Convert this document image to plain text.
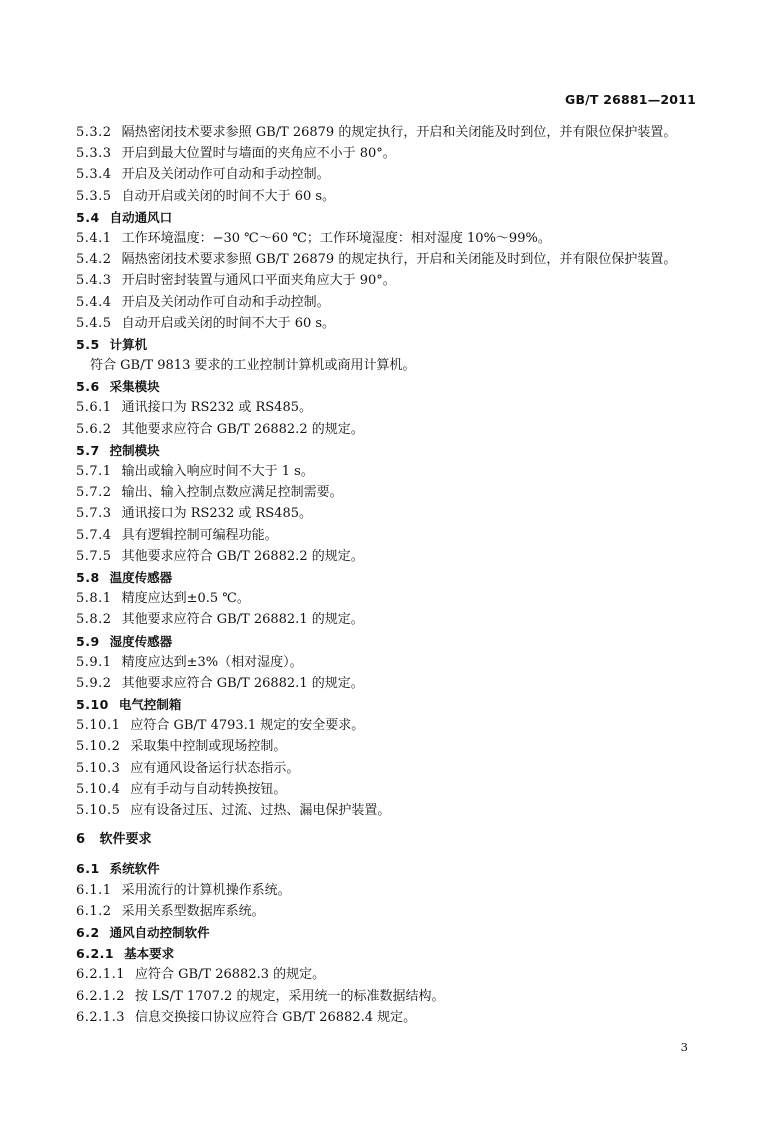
GB/T 26881—2011
5.3.2 隔热密闭技术要求参照 GB/T 26879 的规定执行，开启和关闭能及时到位，并有限位保护装置。
5.3.3 开启到最大位置时与墙面的夹角应不小于 80°。
5.3.4 开启及关闭动作可自动和手动控制。
5.3.5 自动开启或关闭的时间不大于 60 s。
5.4 自动通风口
5.4.1 工作环境温度：−30 ℃～60 ℃；工作环境湿度：相对湿度 10%～99%。
5.4.2 隔热密闭技术要求参照 GB/T 26879 的规定执行，开启和关闭能及时到位，并有限位保护装置。
5.4.3 开启时密封装置与通风口平面夹角应大于 90°。
5.4.4 开启及关闭动作可自动和手动控制。
5.4.5 自动开启或关闭的时间不大于 60 s。
5.5 计算机
符合 GB/T 9813 要求的工业控制计算机或商用计算机。
5.6 采集模块
5.6.1 通讯接口为 RS232 或 RS485。
5.6.2 其他要求应符合 GB/T 26882.2 的规定。
5.7 控制模块
5.7.1 输出或输入响应时间不大于 1 s。
5.7.2 输出、输入控制点数应满足控制需要。
5.7.3 通讯接口为 RS232 或 RS485。
5.7.4 具有逻辑控制可编程功能。
5.7.5 其他要求应符合 GB/T 26882.2 的规定。
5.8 温度传感器
5.8.1 精度应达到±0.5 ℃。
5.8.2 其他要求应符合 GB/T 26882.1 的规定。
5.9 湿度传感器
5.9.1 精度应达到±3%（相对湿度）。
5.9.2 其他要求应符合 GB/T 26882.1 的规定。
5.10 电气控制箱
5.10.1 应符合 GB/T 4793.1 规定的安全要求。
5.10.2 采取集中控制或现场控制。
5.10.3 应有通风设备运行状态指示。
5.10.4 应有手动与自动转换按钮。
5.10.5 应有设备过压、过流、过热、漏电保护装置。
6 软件要求
6.1 系统软件
6.1.1 采用流行的计算机操作系统。
6.1.2 采用关系型数据库系统。
6.2 通风自动控制软件
6.2.1 基本要求
6.2.1.1 应符合 GB/T 26882.3 的规定。
6.2.1.2 按 LS/T 1707.2 的规定，采用统一的标准数据结构。
6.2.1.3 信息交换接口协议应符合 GB/T 26882.4 规定。
3
